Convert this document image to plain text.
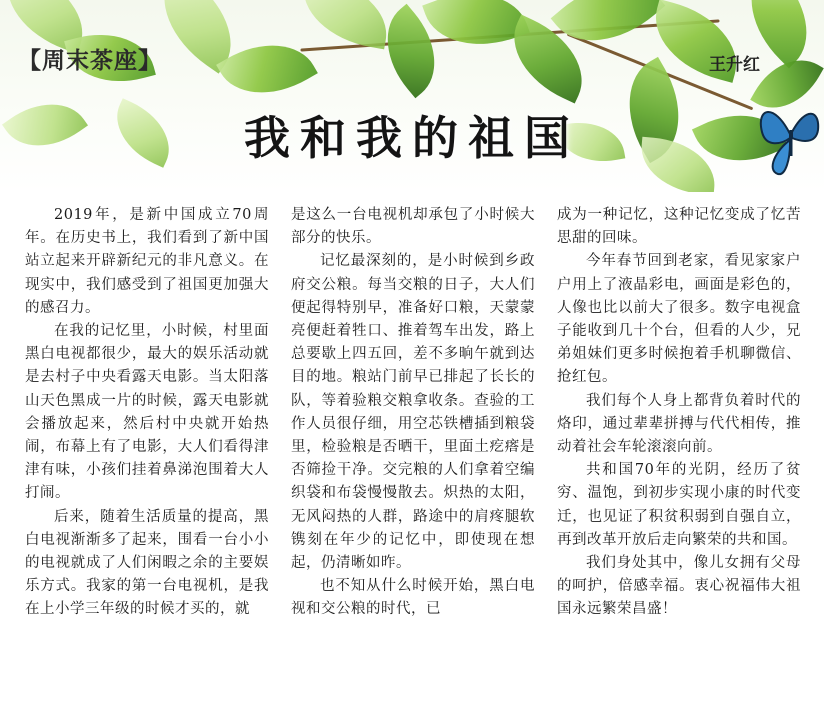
【周末茶座】	王升红
我和我的祖国

2019年，是新中国成立70周年。在历史书上，我们看到了新中国站立起来开辟新纪元的非凡意义。在现实中，我们感受到了祖国更加强大的感召力。

在我的记忆里，小时候，村里面黑白电视都很少，最大的娱乐活动就是去村子中央看露天电影。当太阳落山天色黑成一片的时候，露天电影就会播放起来，然后村中央就开始热闹，布幕上有了电影，大人们看得津津有味，小孩们挂着鼻涕泡围着大人打闹。

后来，随着生活质量的提高，黑白电视渐渐多了起来，围看一台小小的电视就成了人们闲暇之余的主要娱乐方式。我家的第一台电视机，是我在上小学三年级的时候才买的，就

是这么一台电视机却承包了小时候大部分的快乐。

记忆最深刻的，是小时候到乡政府交公粮。每当交粮的日子，大人们便起得特别早，准备好口粮，天蒙蒙亮便赶着牲口、推着驾车出发，路上总要歇上四五回，差不多晌午就到达目的地。粮站门前早已排起了长长的队，等着验粮交粮拿收条。查验的工作人员很仔细，用空芯铁槽插到粮袋里，检验粮是否晒干，里面土疙瘩是否筛捡干净。交完粮的人们拿着空编织袋和布袋慢慢散去。炽热的太阳，无风闷热的人群，路途中的肩疼腿软镌刻在年少的记忆中，即使现在想起，仍清晰如昨。

也不知从什么时候开始，黑白电视和交公粮的时代，已

成为一种记忆，这种记忆变成了忆苦思甜的回味。

今年春节回到老家，看见家家户户用上了液晶彩电，画面是彩色的，人像也比以前大了很多。数字电视盒子能收到几十个台，但看的人少，兄弟姐妹们更多时候抱着手机聊微信、抢红包。

我们每个人身上都背负着时代的烙印，通过辈辈拼搏与代代相传，推动着社会车轮滚滚向前。

共和国70年的光阴，经历了贫穷、温饱，到初步实现小康的时代变迁，也见证了积贫积弱到自强自立，再到改革开放后走向繁荣的共和国。

我们身处其中，像儿女拥有父母的呵护，倍感幸福。衷心祝福伟大祖国永远繁荣昌盛！
